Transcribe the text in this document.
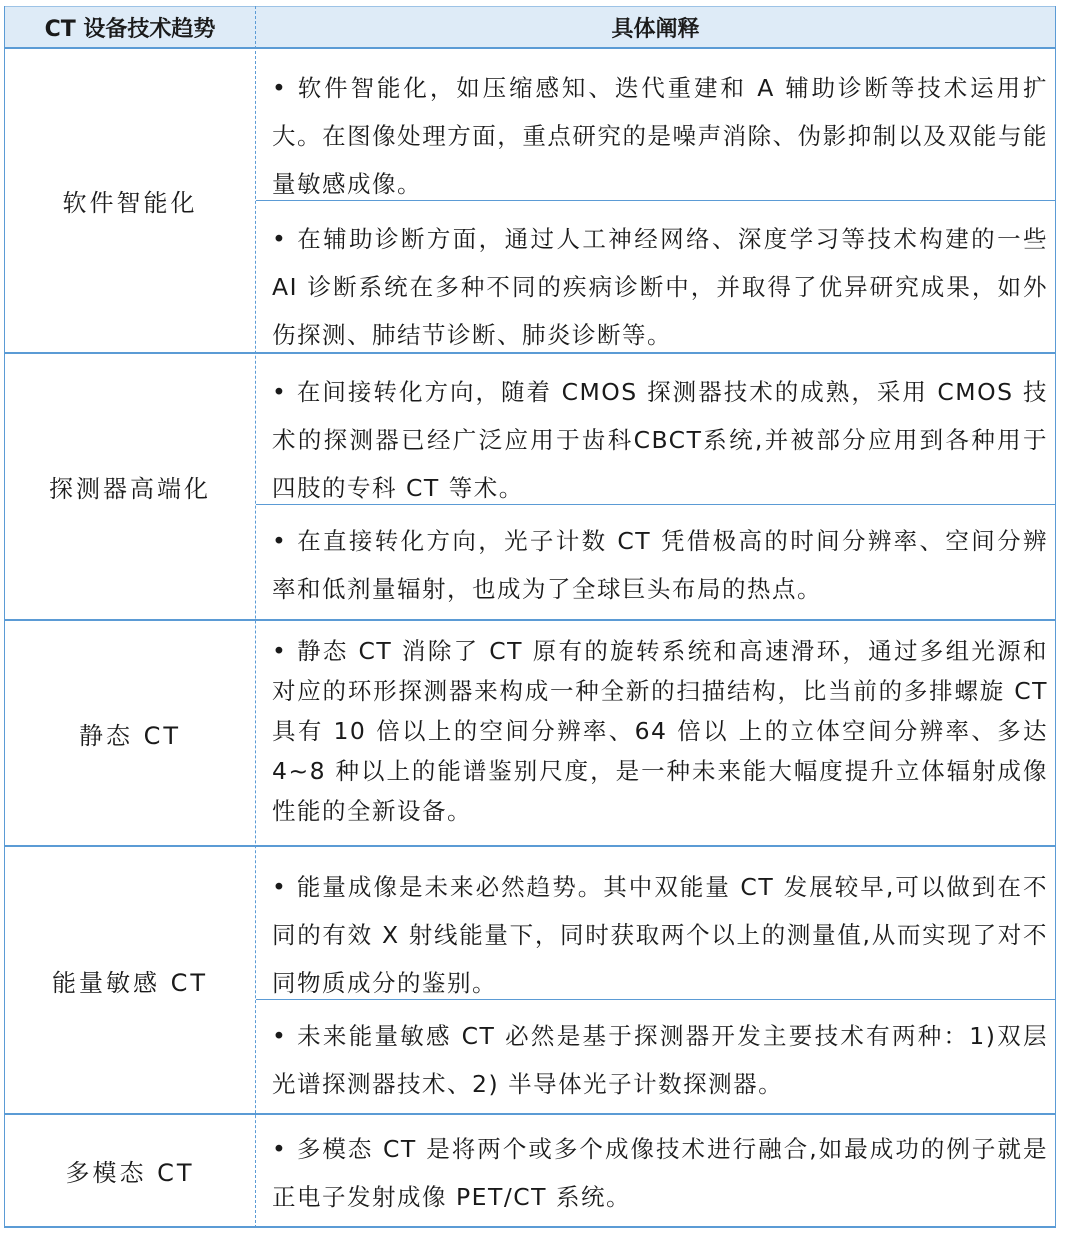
CT 设备技术趋势	具体阐释
软件智能化
• 软件智能化，如压缩感知、迭代重建和 A 辅助诊断等技术运用扩大。在图像处理方面，重点研究的是噪声消除、伪影抑制以及双能与能量敏感成像。
• 在辅助诊断方面，通过人工神经网络、深度学习等技术构建的一些 AI 诊断系统在多种不同的疾病诊断中，并取得了优异研究成果，如外伤探测、肺结节诊断、肺炎诊断等。
探测器高端化
• 在间接转化方向，随着 CMOS 探测器技术的成熟，采用 CMOS 技术的探测器已经广泛应用于齿科CBCT系统,并被部分应用到各种用于四肢的专科 CT 等术。
• 在直接转化方向，光子计数 CT 凭借极高的时间分辨率、空间分辨率和低剂量辐射，也成为了全球巨头布局的热点。
静态 CT
• 静态 CT 消除了 CT 原有的旋转系统和高速滑环，通过多组光源和对应的环形探测器来构成一种全新的扫描结构，比当前的多排螺旋 CT 具有 10 倍以上的空间分辨率、64 倍以 上的立体空间分辨率、多达 4~8 种以上的能谱鉴别尺度，是一种未来能大幅度提升立体辐射成像性能的全新设备。
能量敏感 CT
• 能量成像是未来必然趋势。其中双能量 CT 发展较早,可以做到在不同的有效 X 射线能量下，同时获取两个以上的测量值,从而实现了对不同物质成分的鉴别。
• 未来能量敏感 CT 必然是基于探测器开发主要技术有两种：1)双层光谱探测器技术、2) 半导体光子计数探测器。
多模态 CT
• 多模态 CT 是将两个或多个成像技术进行融合,如最成功的例子就是正电子发射成像 PET/CT 系统。
